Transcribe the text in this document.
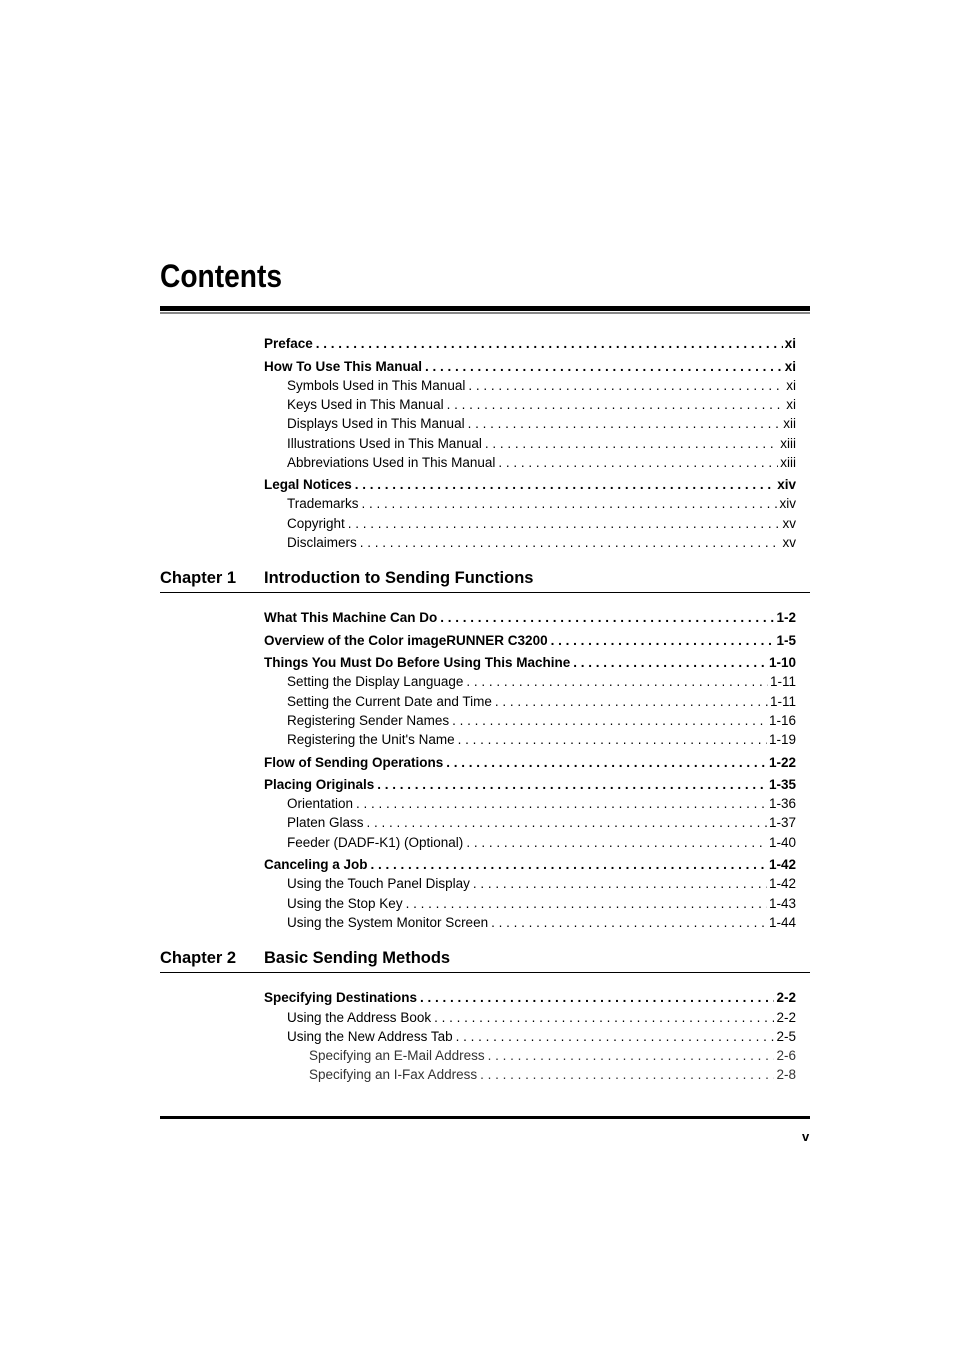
Contents
Preface . . .	xi
How To Use This Manual . . .	xi
Symbols Used in This Manual . . .	xi
Keys Used in This Manual . . .	xi
Displays Used in This Manual . . .	xii
Illustrations Used in This Manual . . .	xiii
Abbreviations Used in This Manual . . .	xiii
Legal Notices . . .	xiv
Trademarks . . .	xiv
Copyright . . .	xv
Disclaimers . . .	xv
Chapter 1 Introduction to Sending Functions
What This Machine Can Do . . .	1-2
Overview of the Color imageRUNNER C3200 . . .	1-5
Things You Must Do Before Using This Machine . . .	1-10
Setting the Display Language . . .	1-11
Setting the Current Date and Time . . .	1-11
Registering Sender Names . . .	1-16
Registering the Unit's Name . . .	1-19
Flow of Sending Operations . . .	1-22
Placing Originals . . .	1-35
Orientation . . .	1-36
Platen Glass . . .	1-37
Feeder (DADF-K1) (Optional) . . .	1-40
Canceling a Job . . .	1-42
Using the Touch Panel Display . . .	1-42
Using the Stop Key . . .	1-43
Using the System Monitor Screen . . .	1-44
Chapter 2 Basic Sending Methods
Specifying Destinations . . .	2-2
Using the Address Book . . .	2-2
Using the New Address Tab . . .	2-5
Specifying an E-Mail Address . . .	2-6
Specifying an I-Fax Address . . .	2-8
v
